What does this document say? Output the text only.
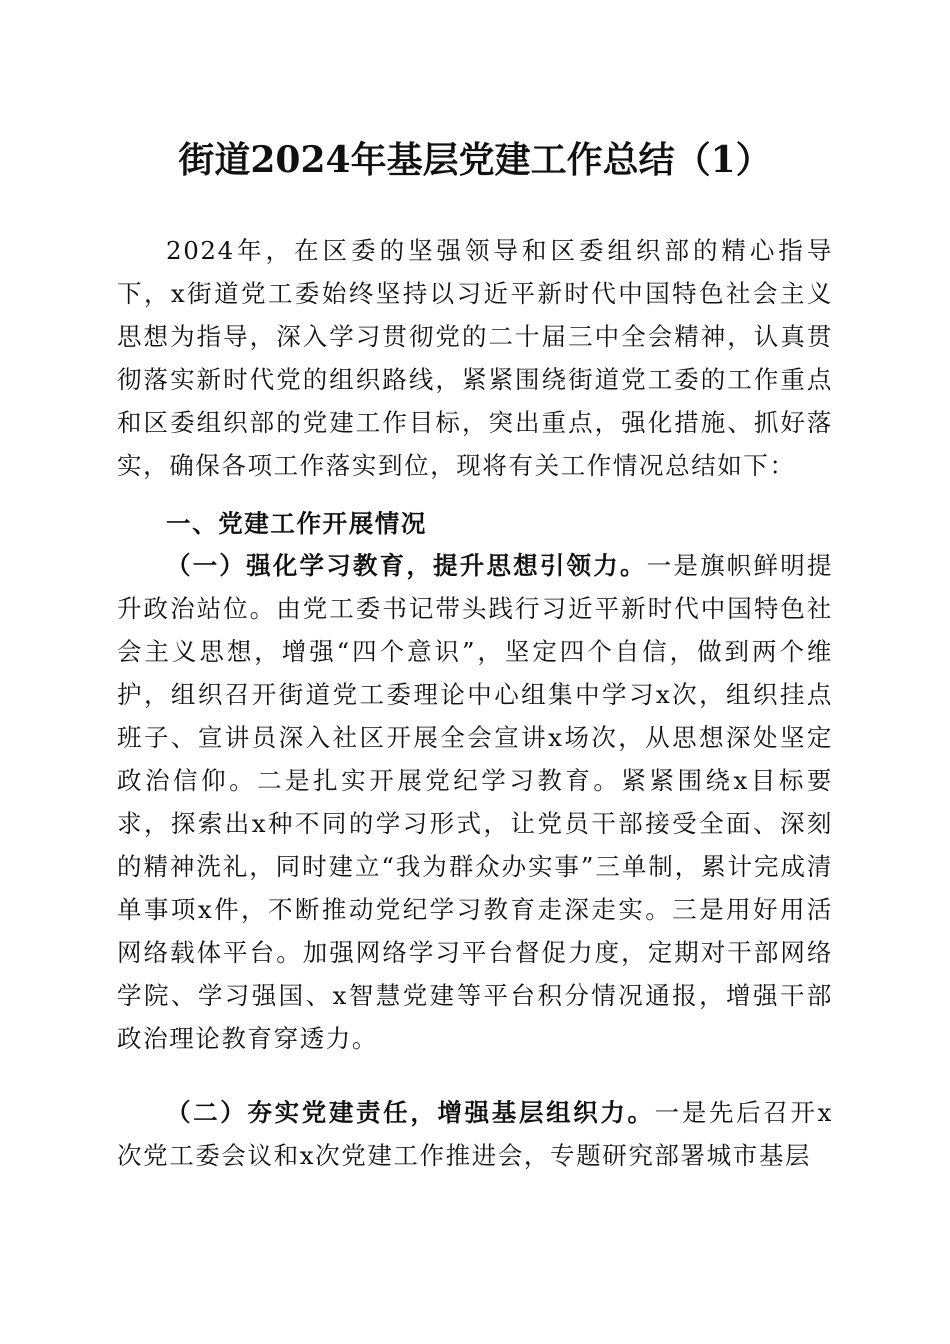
街道2024年基层党建工作总结（1）

2024年，在区委的坚强领导和区委组织部的精心指导下，x街道党工委始终坚持以习近平新时代中国特色社会主义思想为指导，深入学习贯彻党的二十届三中全会精神，认真贯彻落实新时代党的组织路线，紧紧围绕街道党工委的工作重点和区委组织部的党建工作目标，突出重点，强化措施、抓好落实，确保各项工作落实到位，现将有关工作情况总结如下：

一、党建工作开展情况

（一）强化学习教育，提升思想引领力。一是旗帜鲜明提升政治站位。由党工委书记带头践行习近平新时代中国特色社会主义思想，增强“四个意识”，坚定四个自信，做到两个维护，组织召开街道党工委理论中心组集中学习x次，组织挂点班子、宣讲员深入社区开展全会宣讲x场次，从思想深处坚定政治信仰。二是扎实开展党纪学习教育。紧紧围绕x目标要求，探索出x种不同的学习形式，让党员干部接受全面、深刻的精神洗礼，同时建立“我为群众办实事”三单制，累计完成清单事项x件，不断推动党纪学习教育走深走实。三是用好用活网络载体平台。加强网络学习平台督促力度，定期对干部网络学院、学习强国、x智慧党建等平台积分情况通报，增强干部政治理论教育穿透力。

（二）夯实党建责任，增强基层组织力。一是先后召开x次党工委会议和x次党建工作推进会，专题研究部署城市基层
